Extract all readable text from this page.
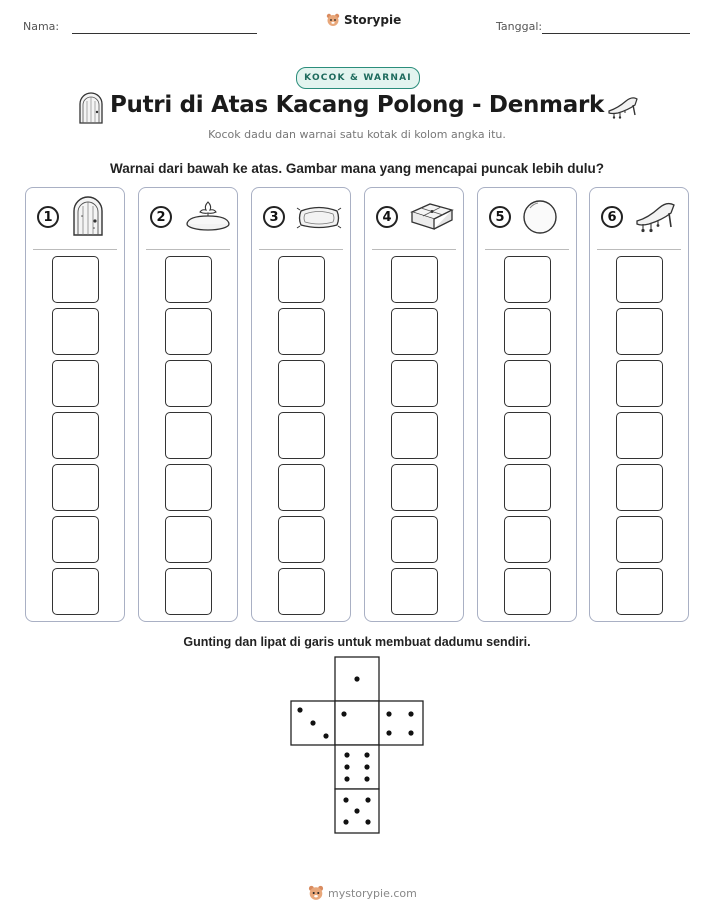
Nama:	Storypie	Tanggal:
KOCOK & WARNAI
Putri di Atas Kacang Polong - Denmark
Kocok dadu dan warnai satu kotak di kolom angka itu.
Warnai dari bawah ke atas. Gambar mana yang mencapai puncak lebih dulu?
1	2	3	4	5	6
Gunting dan lipat di garis untuk membuat dadumu sendiri.
mystorypie.com
